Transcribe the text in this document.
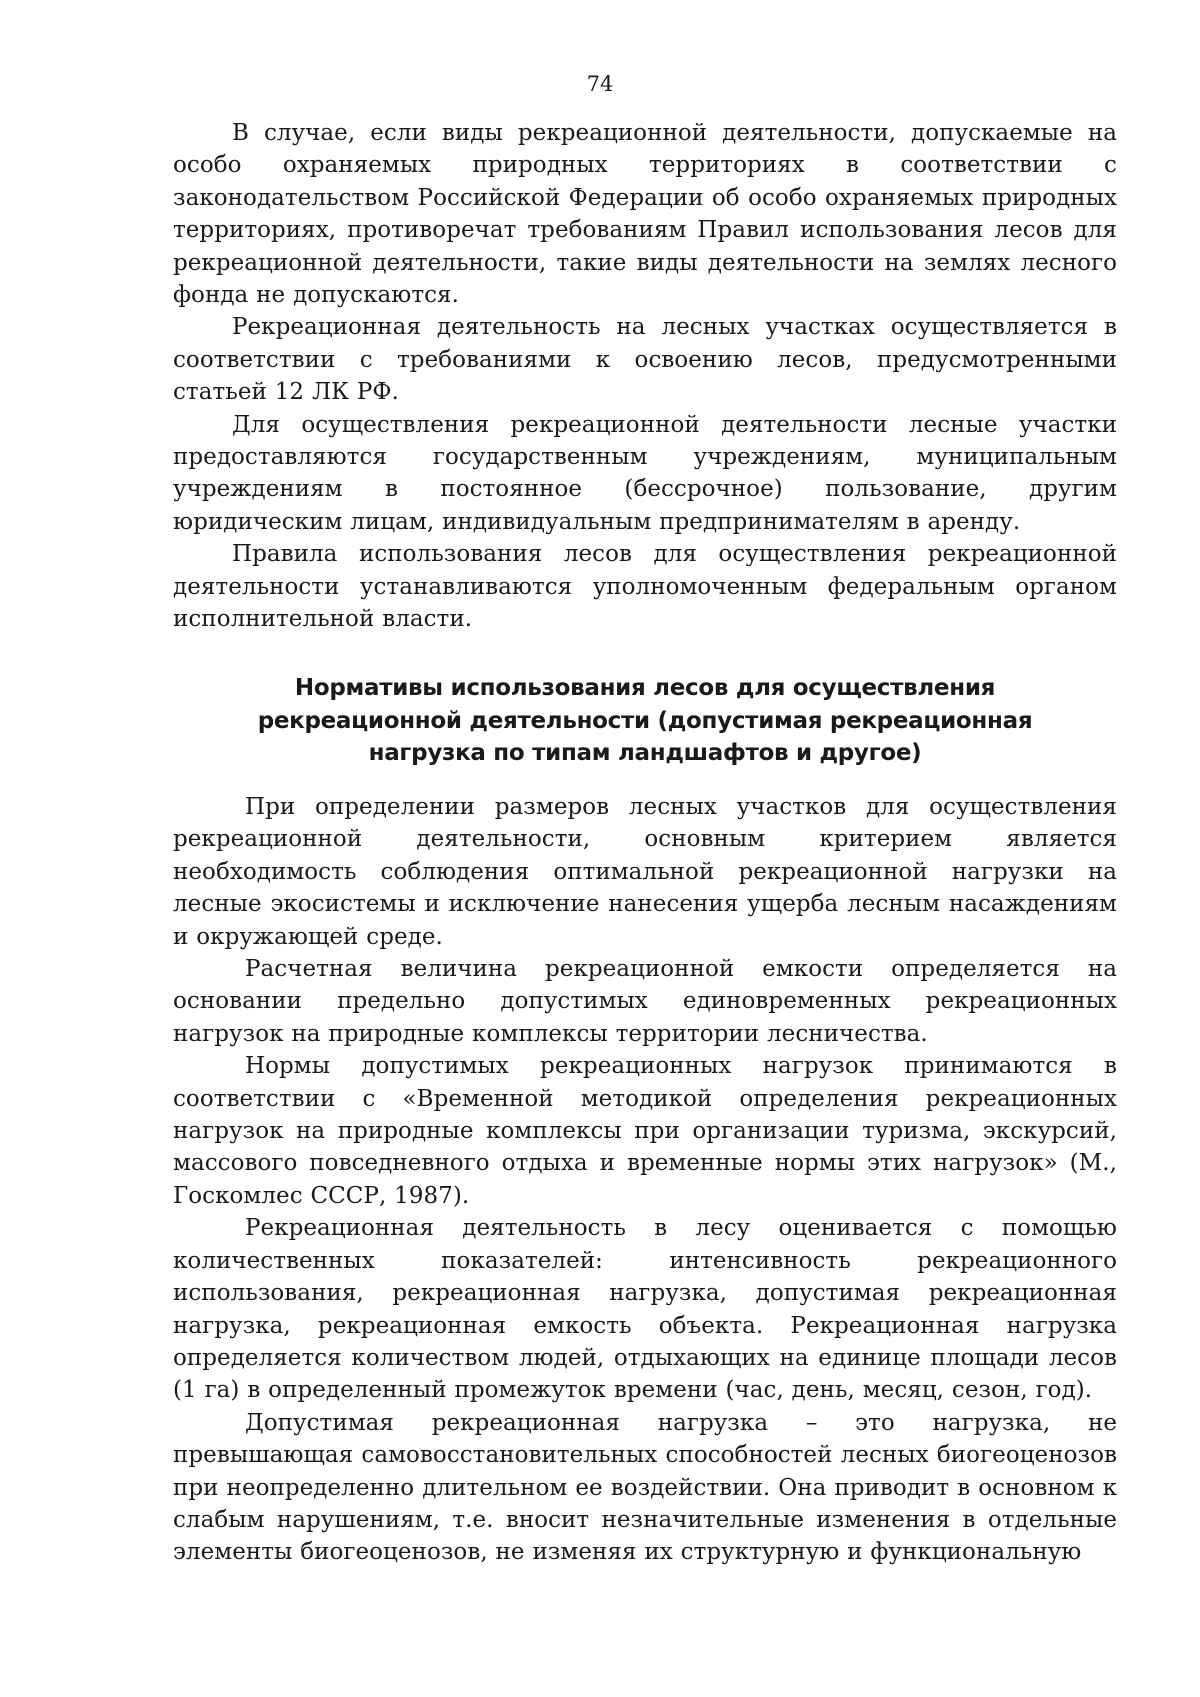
74

В случае, если виды рекреационной деятельности, допускаемые на особо охраняемых природных территориях в соответствии с законодательством Российской Федерации об особо охраняемых природных территориях, противоречат требованиям Правил использования лесов для рекреационной деятельности, такие виды деятельности на землях лесного фонда не допускаются.

Рекреационная деятельность на лесных участках осуществляется в соответствии с требованиями к освоению лесов, предусмотренными статьей 12 ЛК РФ.

Для осуществления рекреационной деятельности лесные участки предоставляются государственным учреждениям, муниципальным учреждениям в постоянное (бессрочное) пользование, другим юридическим лицам, индивидуальным предпринимателям в аренду.

Правила использования лесов для осуществления рекреационной деятельности устанавливаются уполномоченным федеральным органом исполнительной власти.

Нормативы использования лесов для осуществления
рекреационной деятельности (допустимая рекреационная
нагрузка по типам ландшафтов и другое)

При определении размеров лесных участков для осуществления рекреационной деятельности, основным критерием является необходимость соблюдения оптимальной рекреационной нагрузки на лесные экосистемы и исключение нанесения ущерба лесным насаждениям и окружающей среде.

Расчетная величина рекреационной емкости определяется на основании предельно допустимых единовременных рекреационных нагрузок на природные комплексы территории лесничества.

Нормы допустимых рекреационных нагрузок принимаются в соответствии с «Временной методикой определения рекреационных нагрузок на природные комплексы при организации туризма, экскурсий, массового повседневного отдыха и временные нормы этих нагрузок» (М., Госкомлес СССР, 1987).

Рекреационная деятельность в лесу оценивается с помощью количественных показателей: интенсивность рекреационного использования, рекреационная нагрузка, допустимая рекреационная нагрузка, рекреационная емкость объекта. Рекреационная нагрузка определяется количеством людей, отдыхающих на единице площади лесов (1 га) в определенный промежуток времени (час, день, месяц, сезон, год).

Допустимая рекреационная нагрузка – это нагрузка, не превышающая самовосстановительных способностей лесных биогеоценозов при неопределенно длительном ее воздействии. Она приводит в основном к слабым нарушениям, т.е. вносит незначительные изменения в отдельные элементы биогеоценозов, не изменяя их структурную и функциональную
